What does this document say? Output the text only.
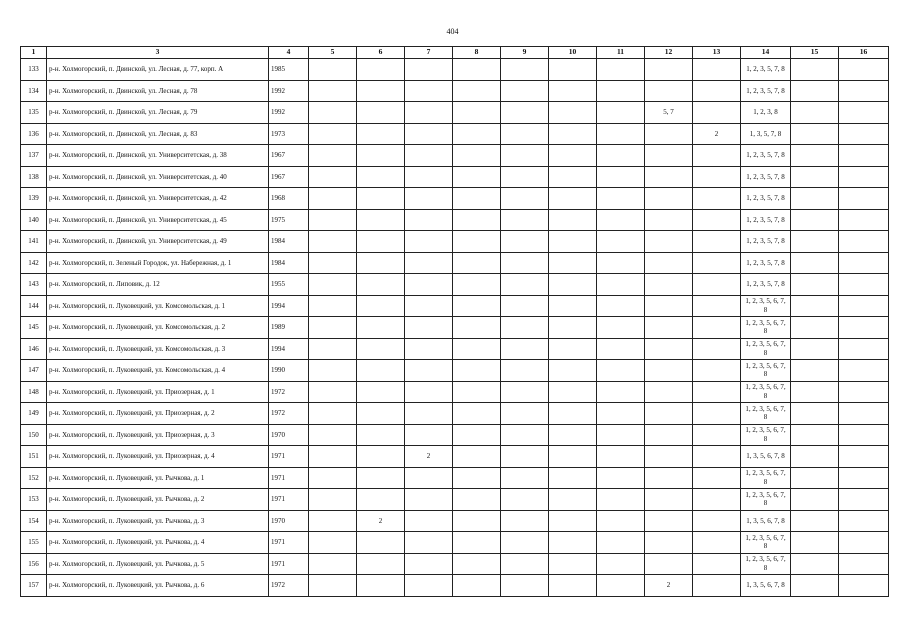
404
1	3	4	5	6	7	8	9	10	11	12	13	14	15	16
133	р-н. Холмогорский, п. Двинской, ул. Лесная, д. 77, корп. А	1985										1, 2, 3, 5, 7, 8		
134	р-н. Холмогорский, п. Двинской, ул. Лесная, д. 78	1992										1, 2, 3, 5, 7, 8		
135	р-н. Холмогорский, п. Двинской, ул. Лесная, д. 79	1992								5, 7		1, 2, 3, 8		
136	р-н. Холмогорский, п. Двинской, ул. Лесная, д. 83	1973									2	1, 3, 5, 7, 8		
137	р-н. Холмогорский, п. Двинской, ул. Университетская, д. 38	1967										1, 2, 3, 5, 7, 8		
138	р-н. Холмогорский, п. Двинской, ул. Университетская, д. 40	1967										1, 2, 3, 5, 7, 8		
139	р-н. Холмогорский, п. Двинской, ул. Университетская, д. 42	1968										1, 2, 3, 5, 7, 8		
140	р-н. Холмогорский, п. Двинской, ул. Университетская, д. 45	1975										1, 2, 3, 5, 7, 8		
141	р-н. Холмогорский, п. Двинской, ул. Университетская, д. 49	1984										1, 2, 3, 5, 7, 8		
142	р-н. Холмогорский, п. Зеленый Городок, ул. Набережная, д. 1	1984										1, 2, 3, 5, 7, 8		
143	р-н. Холмогорский, п. Липовик, д. 12	1955										1, 2, 3, 5, 7, 8		
144	р-н. Холмогорский, п. Луковецкий, ул. Комсомольская, д. 1	1994										1, 2, 3, 5, 6, 7, 8		
145	р-н. Холмогорский, п. Луковецкий, ул. Комсомольская, д. 2	1989										1, 2, 3, 5, 6, 7, 8		
146	р-н. Холмогорский, п. Луковецкий, ул. Комсомольская, д. 3	1994										1, 2, 3, 5, 6, 7, 8		
147	р-н. Холмогорский, п. Луковецкий, ул. Комсомольская, д. 4	1990										1, 2, 3, 5, 6, 7, 8		
148	р-н. Холмогорский, п. Луковецкий, ул. Приозерная, д. 1	1972										1, 2, 3, 5, 6, 7, 8		
149	р-н. Холмогорский, п. Луковецкий, ул. Приозерная, д. 2	1972										1, 2, 3, 5, 6, 7, 8		
150	р-н. Холмогорский, п. Луковецкий, ул. Приозерная, д. 3	1970										1, 2, 3, 5, 6, 7, 8		
151	р-н. Холмогорский, п. Луковецкий, ул. Приозерная, д. 4	1971			2							1, 3, 5, 6, 7, 8		
152	р-н. Холмогорский, п. Луковецкий, ул. Рычкова, д. 1	1971										1, 2, 3, 5, 6, 7, 8		
153	р-н. Холмогорский, п. Луковецкий, ул. Рычкова, д. 2	1971										1, 2, 3, 5, 6, 7, 8		
154	р-н. Холмогорский, п. Луковецкий, ул. Рычкова, д. 3	1970		2								1, 3, 5, 6, 7, 8		
155	р-н. Холмогорский, п. Луковецкий, ул. Рычкова, д. 4	1971										1, 2, 3, 5, 6, 7, 8		
156	р-н. Холмогорский, п. Луковецкий, ул. Рычкова, д. 5	1971										1, 2, 3, 5, 6, 7, 8		
157	р-н. Холмогорский, п. Луковецкий, ул. Рычкова, д. 6	1972								2		1, 3, 5, 6, 7, 8		
